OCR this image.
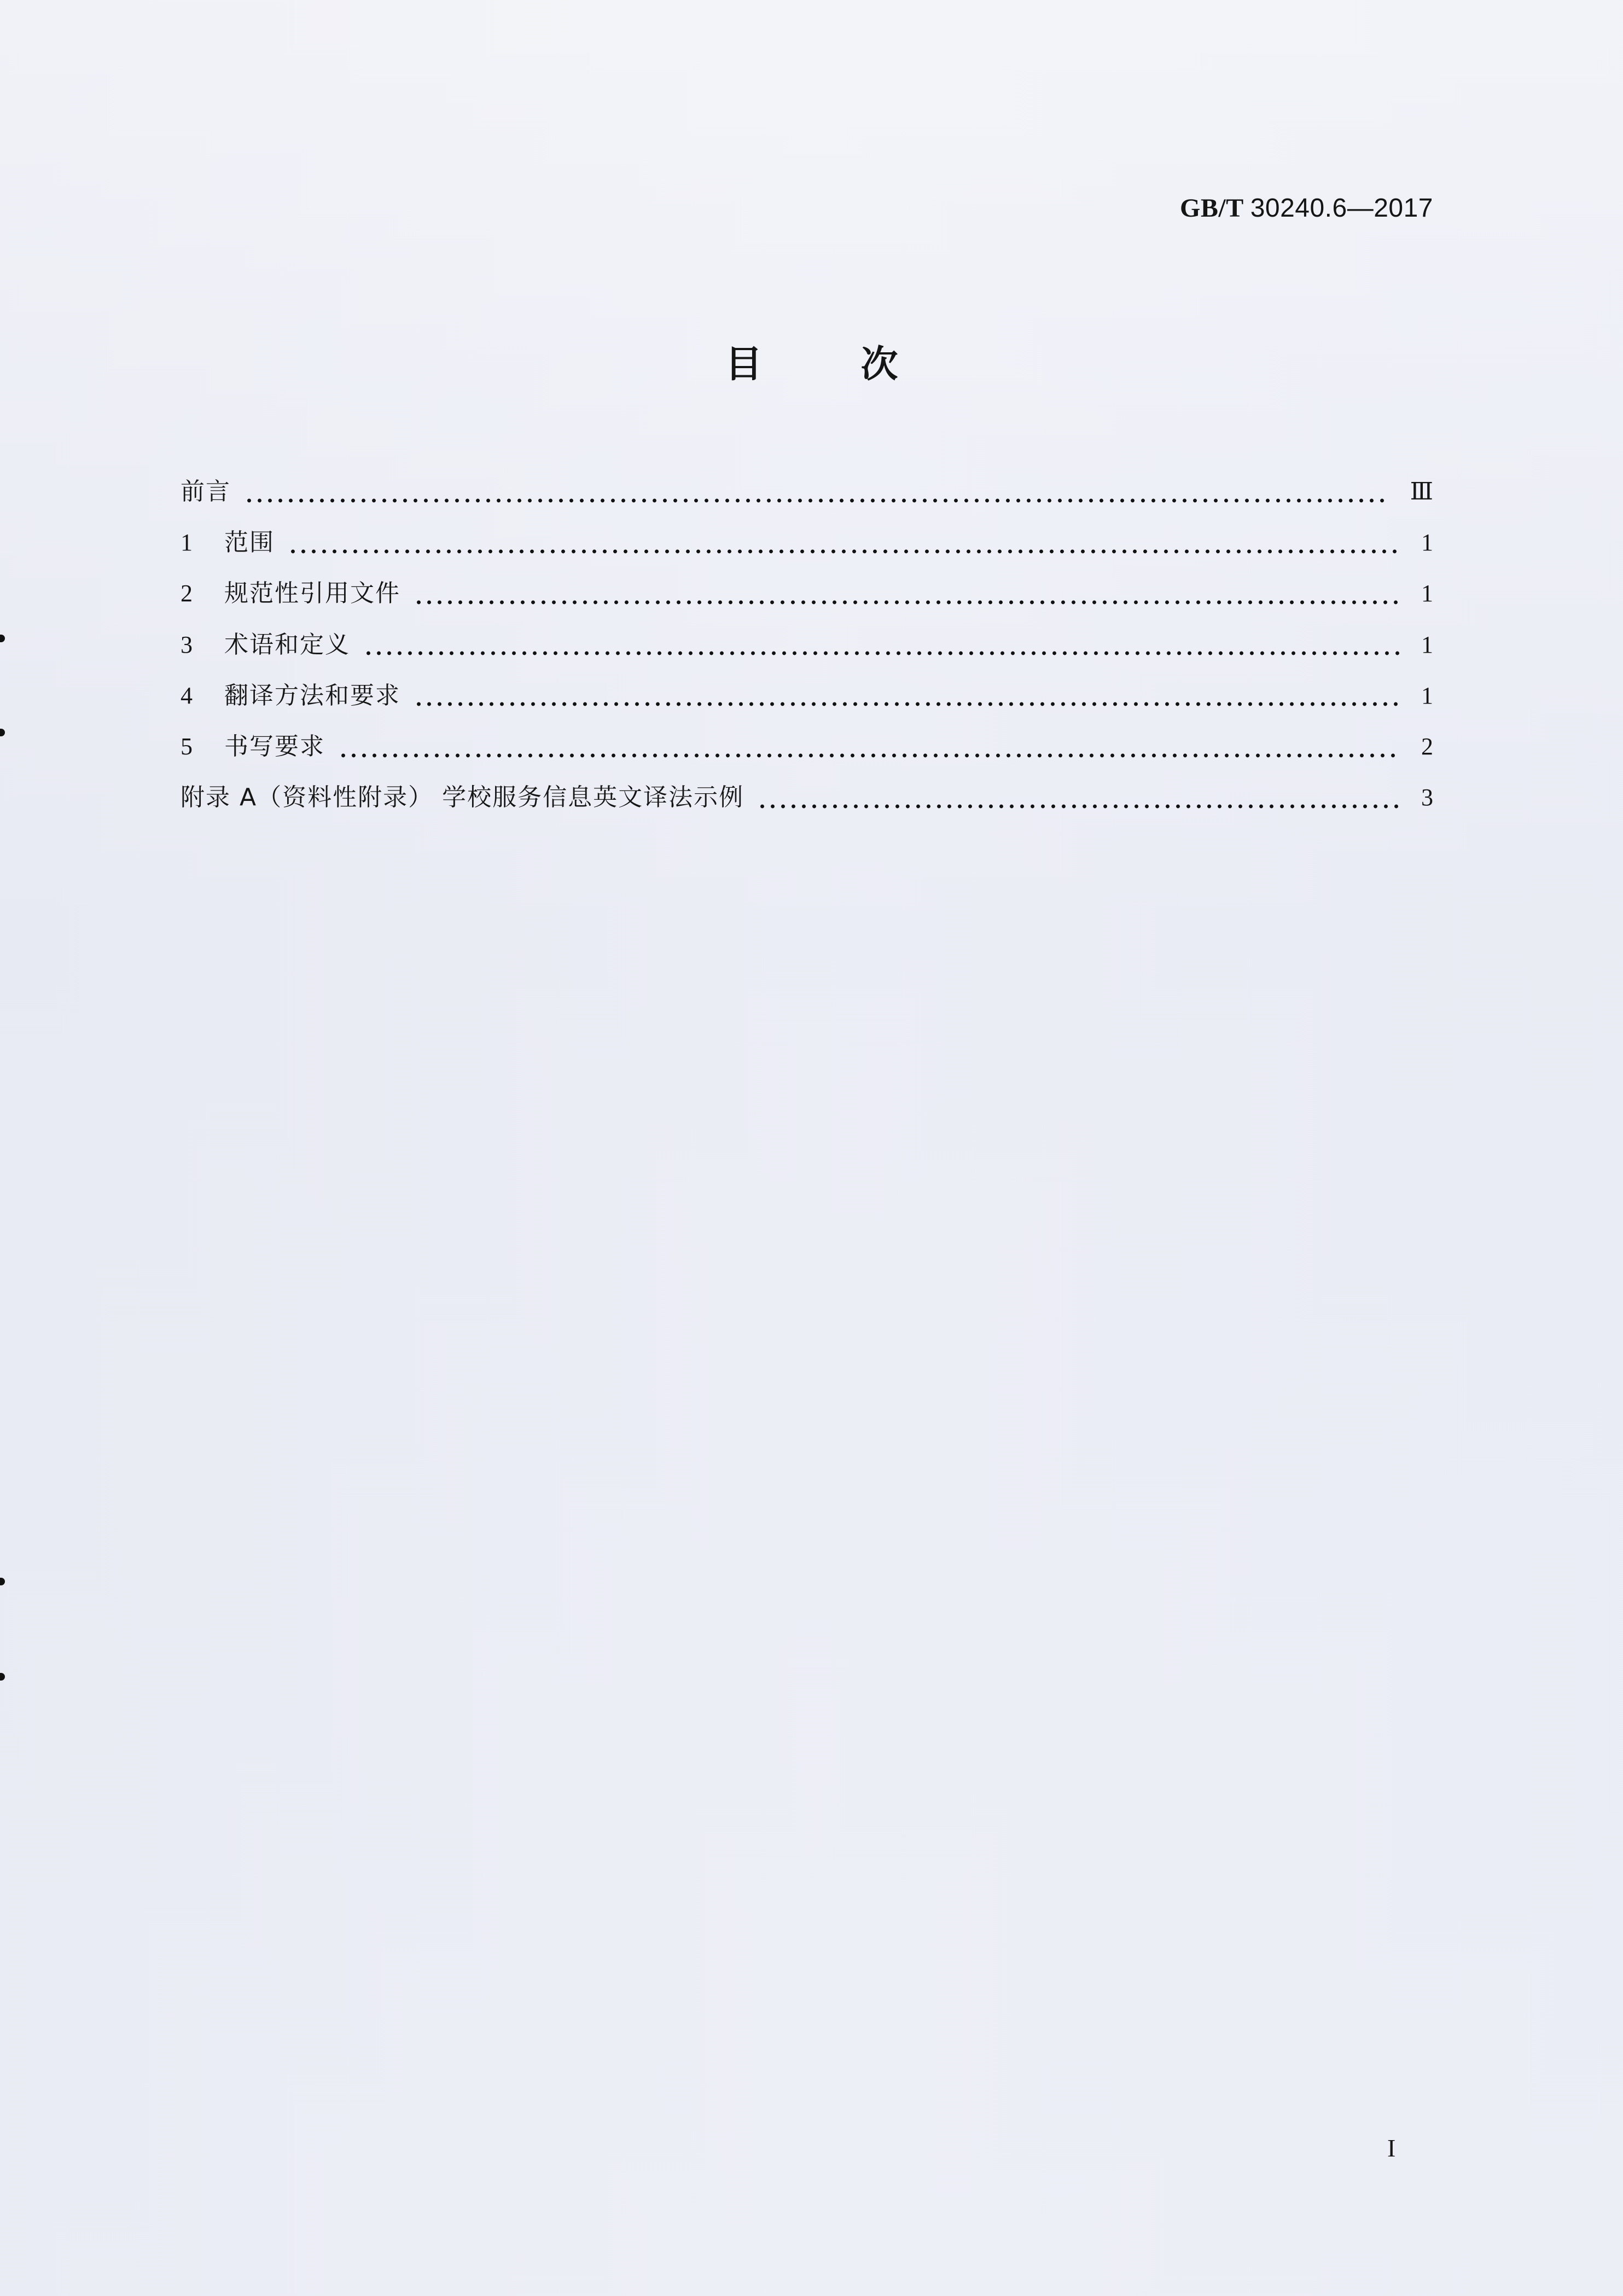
GB/T 30240.6—2017
目	次
前言	Ⅲ
1	范围	1
2	规范性引用文件	1
3	术语和定义	1
4	翻译方法和要求	1
5	书写要求	2
附录 A（资料性附录） 学校服务信息英文译法示例	3
I
